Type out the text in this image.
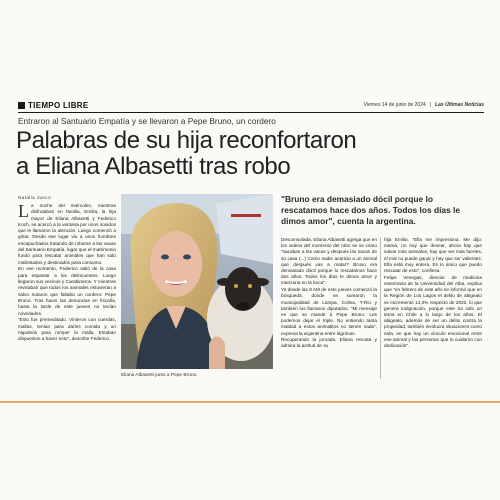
TIEMPO LIBRE	Viernes 14 de junio de 2024 | Las Últimas Noticias
Entraron al Santuario Empatía y se llevaron a Pepe Bruno, un cordero
Palabras de su hija reconfortaron
a Eliana Albasetti tras robo
Natalia Junco

La noche del miércoles, mientras disfrutaban en familia, Emilia, la hija mayor de Eliana Albasetti y Federico Koch, se acercó a la ventana por unos sonidos que le llamaron la atención. Luego comenzó a gritar. Desde ese lugar vio a unos hombres encapuchados tratando de robarse a las vacas del Santuario Empatía, lugar que el matrimonio fundó para rescatar animales que han sido maltratados y destinados para consumo.

En ese momento, Federico salió de la casa para espantar a los delincuentes. Luego llegaron sus vecinos y Carabineros. Y mientras revisaban que todos los animales estuvieran a salvo notaron que faltaba un cordero: Pepe Bruno. Tras hacer las denuncias en fiscalía, hasta la tarde de este jueves no tenían novedades.

"Esto fue premeditado. Vinieron con cuerdas, mallas, tenían para darles comida y un napoleón para romper la malla. Estaban dispuestos a hacer esto", describe Federico.

Eliana Albasetti junto a Pepe Bruno.
"Bruno era demasiado dócil porque lo rescatamos hace dos años. Todos los días le dimos amor", cuenta la argentina.

Desconsolada, Eliana Albasetti agrega que en los videos del momento del robo se ve cómo "sacaban a las vacas y después las sacan de su casa (...) Como nadie acaricia a un animal que después vas a matar? Bruno era demasiado dócil porque lo rescatamos hace dos años. Todos los días le dimos amor y manzana en la boca".

Ya desde las 8 AM de este jueves comenzó la búsqueda, donde se sumaron la municipalidad de Lampa, Colina, T-Rio y también los llamaron diputados. "Mi mensaje es que se mande a Pepe Bruno. Les podemos dejar el triple. No entiendo tanta maldad a estos animalitos no tienen nada", expresa la argentina entre lágrimas.

Recuperando la jornada, Eliana rescata y admira la actitud de su

hija Emilia. "Ella me impresiona. Me dijo: mamá, no hay que desear, ahora hay que salvar más animales, hay que ser más fuertes, el mal no puede ganar y hay que ser valientes. Ella está muy entera. Es lo único que puedo rescatar de esto", confiesa.

Felipe Venegas, director de medicina veterinaria de la Universidad del Alba, explica que "en febrero de este año se informó que en la Región de Los Lagos el delito de abigeato se incrementó 14,3% respecto de 2022, lo que genera indignación, porque este ha sido un tema en Chile a lo largo de los años. El abigeato, además de ser un delito contra la propiedad, también involucra situaciones como esta, en que hay un vínculo emocional entre ese animal y las personas que lo cuidaron con dedicación".
